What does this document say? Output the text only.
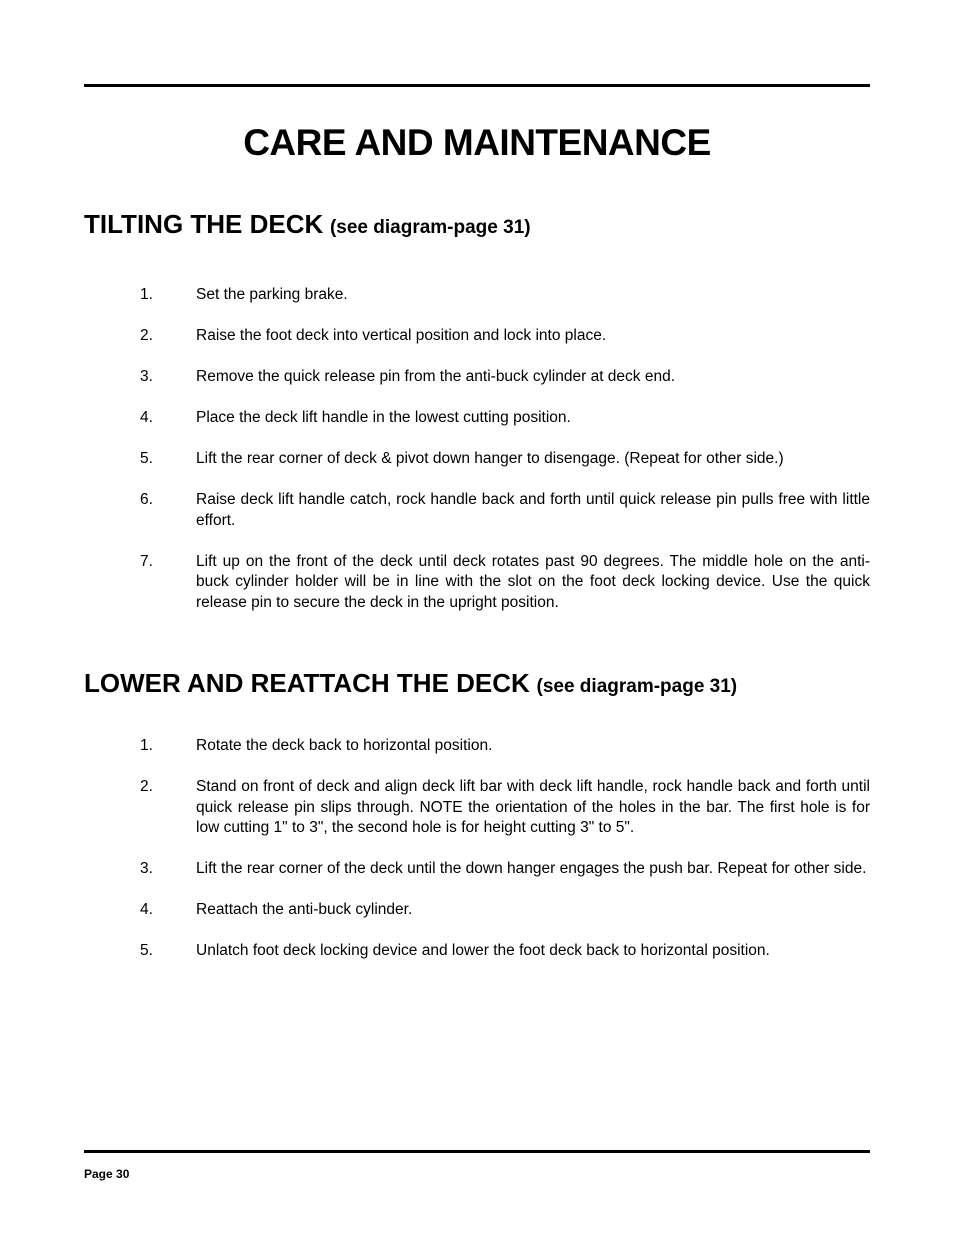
CARE AND MAINTENANCE
TILTING THE DECK (see diagram-page 31)
1.	Set the parking brake.
2.	Raise the foot deck into vertical position and lock into place.
3.	Remove the quick release pin from the anti-buck cylinder at deck end.
4.	Place the deck lift handle in the lowest cutting position.
5.	Lift the rear corner of deck & pivot down hanger to disengage. (Repeat for other side.)
6.	Raise deck lift handle catch, rock handle back and forth until quick release pin pulls free with little effort.
7.	Lift up on the front of the deck until deck rotates past 90 degrees. The middle hole on the anti-buck cylinder holder will be in line with the slot on the foot deck locking device. Use the quick release pin to secure the deck in the upright position.
LOWER AND REATTACH THE DECK (see diagram-page 31)
1.	Rotate the deck back to horizontal position.
2.	Stand on front of deck and align deck lift bar with deck lift handle, rock handle back and forth until quick release pin slips through. NOTE the orientation of the holes in the bar. The first hole is for low cutting 1" to 3", the second hole is for height cutting 3" to 5".
3.	Lift the rear corner of the deck until the down hanger engages the push bar. Repeat for other side.
4.	Reattach the anti-buck cylinder.
5.	Unlatch foot deck locking device and lower the foot deck back to horizontal position.
Page 30
